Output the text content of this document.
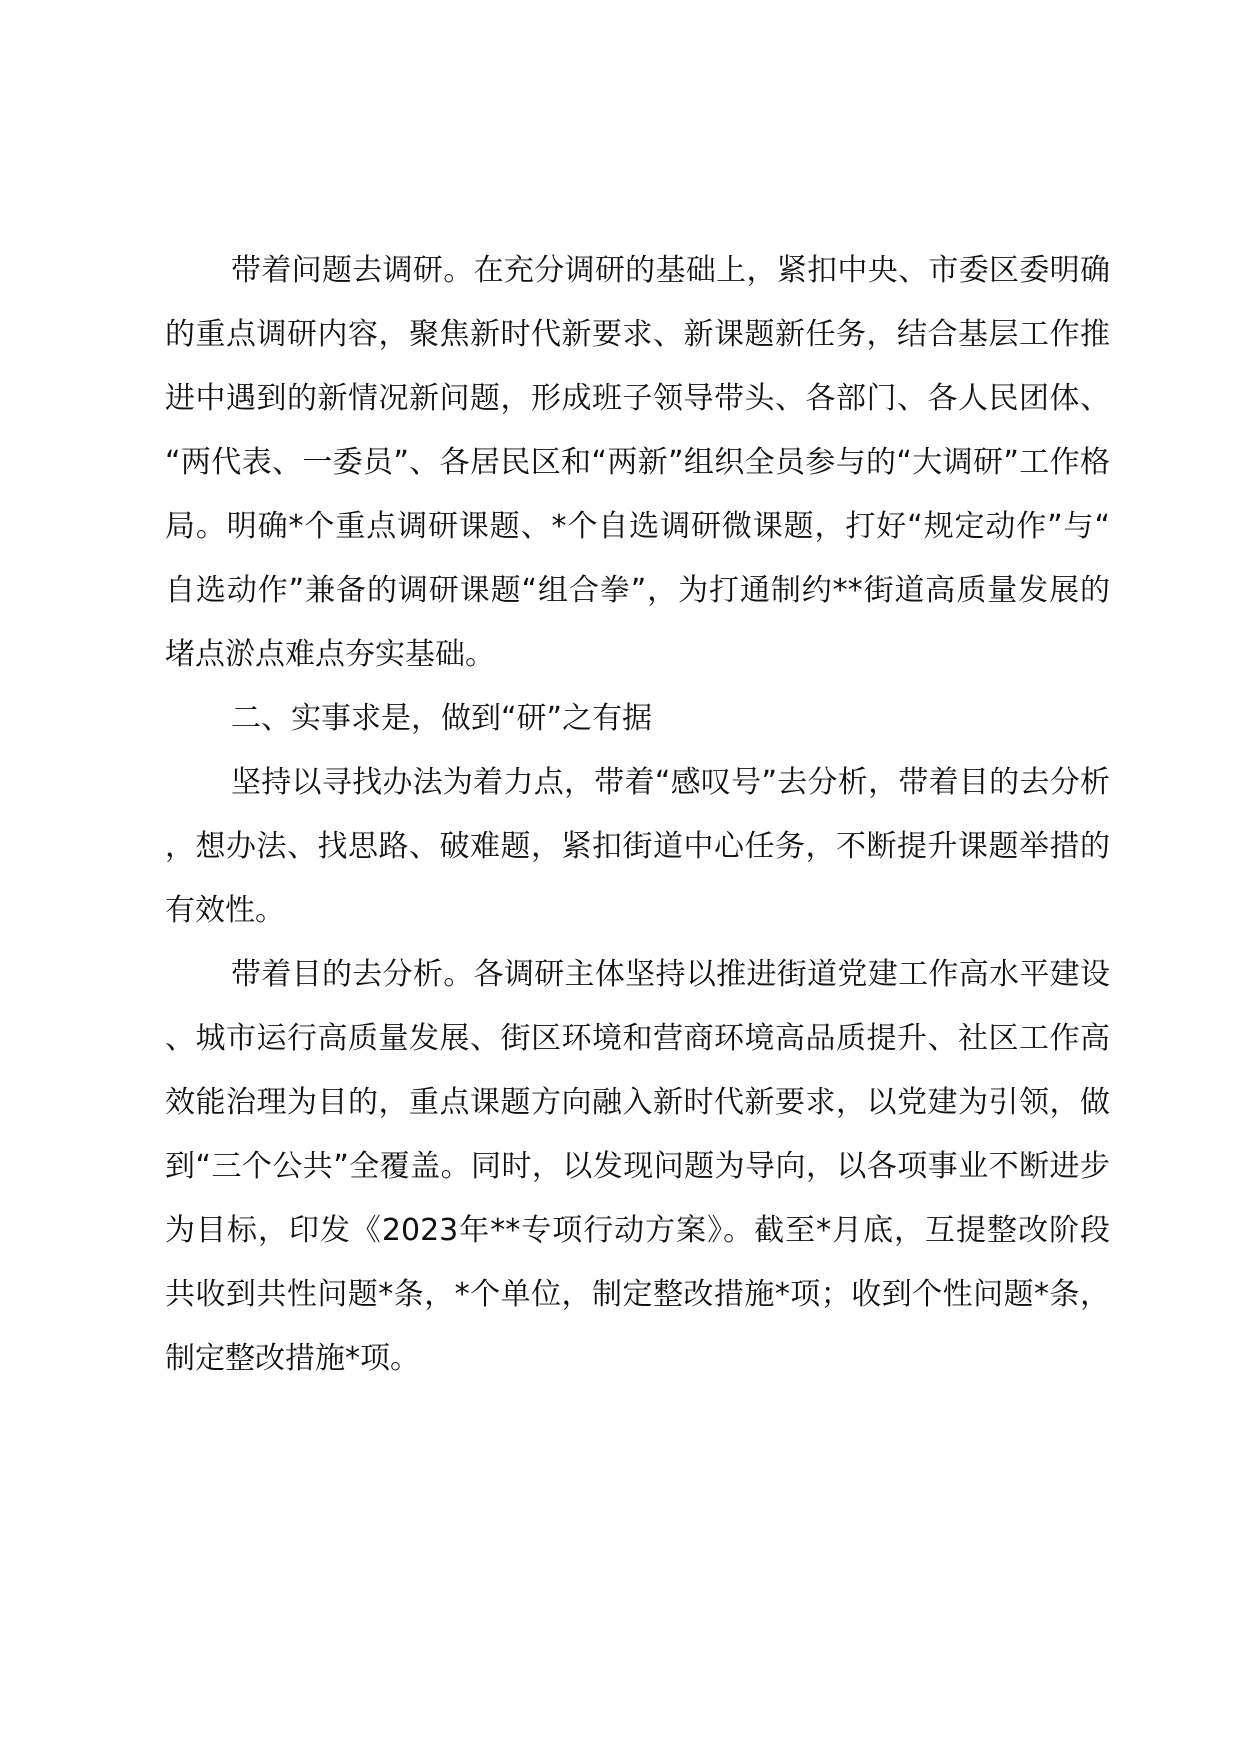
带着问题去调研。在充分调研的基础上，紧扣中央、市委区委明确的重点调研内容，聚焦新时代新要求、新课题新任务，结合基层工作推进中遇到的新情况新问题，形成班子领导带头、各部门、各人民团体、“两代表、一委员”、各居民区和“两新”组织全员参与的“大调研”工作格局。明确*个重点调研课题、*个自选调研微课题，打好“规定动作”与“自选动作”兼备的调研课题“组合拳”，为打通制约**街道高质量发展的堵点淤点难点夯实基础。

二、实事求是，做到“研”之有据

坚持以寻找办法为着力点，带着“感叹号”去分析，带着目的去分析，想办法、找思路、破难题，紧扣街道中心任务，不断提升课题举措的有效性。

带着目的去分析。各调研主体坚持以推进街道党建工作高水平建设、城市运行高质量发展、街区环境和营商环境高品质提升、社区工作高效能治理为目的，重点课题方向融入新时代新要求，以党建为引领，做到“三个公共”全覆盖。同时，以发现问题为导向，以各项事业不断进步为目标，印发《2023年**专项行动方案》。截至*月底，互提整改阶段共收到共性问题*条，*个单位，制定整改措施*项；收到个性问题*条，制定整改措施*项。
